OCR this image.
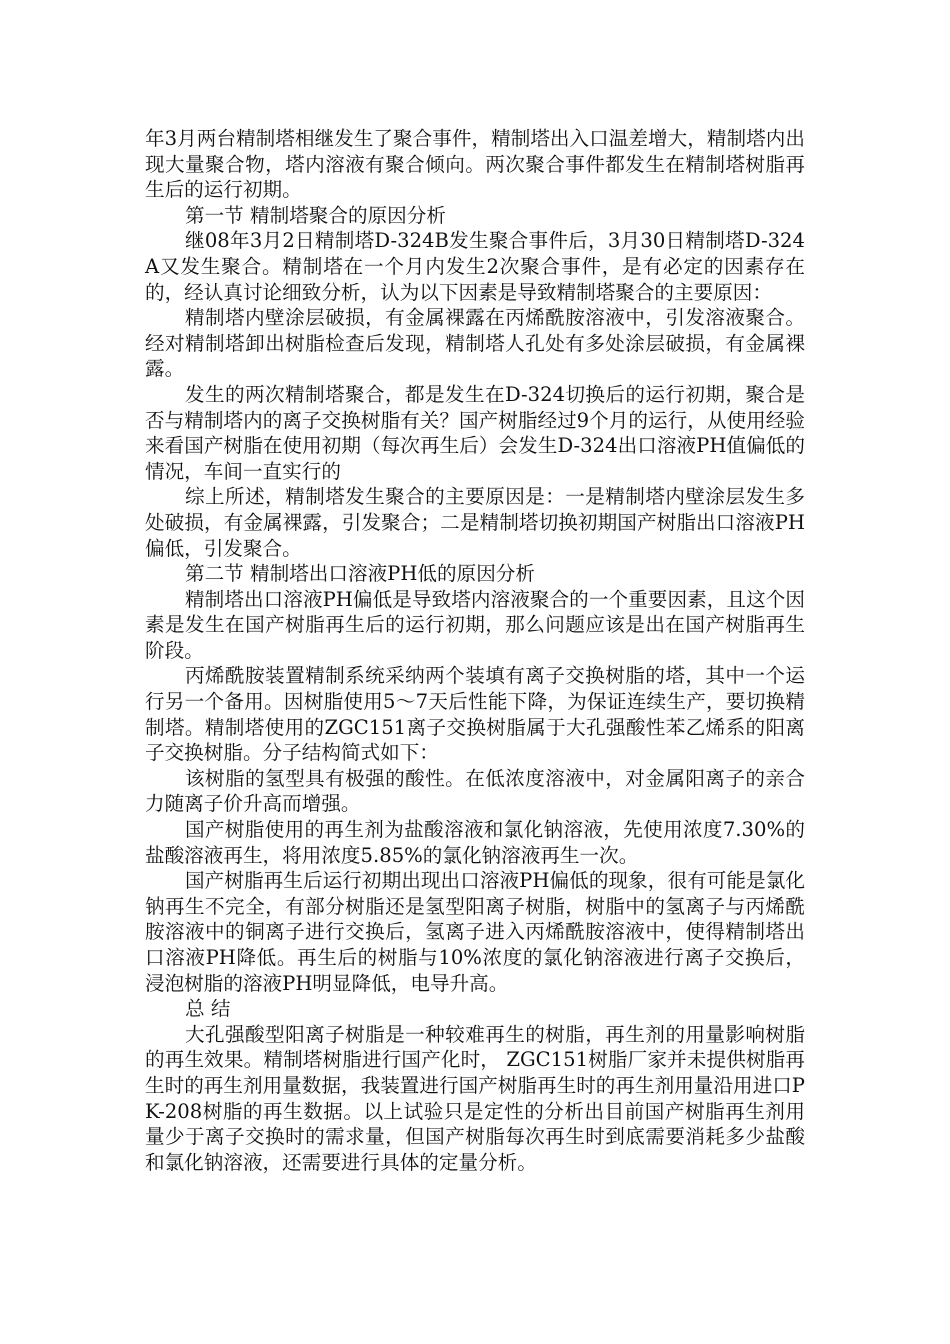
年3月两台精制塔相继发生了聚合事件，精制塔出入口温差增大，精制塔内出现大量聚合物，塔内溶液有聚合倾向。两次聚合事件都发生在精制塔树脂再生后的运行初期。

第一节 精制塔聚合的原因分析

继08年3月2日精制塔D-324B发生聚合事件后，3月30日精制塔D-324A又发生聚合。精制塔在一个月内发生2次聚合事件，是有必定的因素存在的，经认真讨论细致分析，认为以下因素是导致精制塔聚合的主要原因：

精制塔内壁涂层破损，有金属裸露在丙烯酰胺溶液中，引发溶液聚合。经对精制塔卸出树脂检查后发现，精制塔人孔处有多处涂层破损，有金属裸露。

发生的两次精制塔聚合，都是发生在D-324切换后的运行初期，聚合是否与精制塔内的离子交换树脂有关？国产树脂经过9个月的运行，从使用经验来看国产树脂在使用初期（每次再生后）会发生D-324出口溶液PH值偏低的情况，车间一直实行的

综上所述，精制塔发生聚合的主要原因是：一是精制塔内壁涂层发生多处破损，有金属裸露，引发聚合；二是精制塔切换初期国产树脂出口溶液PH偏低，引发聚合。

第二节 精制塔出口溶液PH低的原因分析

精制塔出口溶液PH偏低是导致塔内溶液聚合的一个重要因素，且这个因素是发生在国产树脂再生后的运行初期，那么问题应该是出在国产树脂再生阶段。

丙烯酰胺装置精制系统采纳两个装填有离子交换树脂的塔，其中一个运行另一个备用。因树脂使用5～7天后性能下降，为保证连续生产，要切换精制塔。精制塔使用的ZGC151离子交换树脂属于大孔强酸性苯乙烯系的阳离子交换树脂。分子结构简式如下：

该树脂的氢型具有极强的酸性。在低浓度溶液中，对金属阳离子的亲合力随离子价升高而增强。

国产树脂使用的再生剂为盐酸溶液和氯化钠溶液，先使用浓度7.30%的盐酸溶液再生，将用浓度5.85%的氯化钠溶液再生一次。

国产树脂再生后运行初期出现出口溶液PH偏低的现象，很有可能是氯化钠再生不完全，有部分树脂还是氢型阳离子树脂，树脂中的氢离子与丙烯酰胺溶液中的铜离子进行交换后，氢离子进入丙烯酰胺溶液中，使得精制塔出口溶液PH降低。再生后的树脂与10%浓度的氯化钠溶液进行离子交换后，浸泡树脂的溶液PH明显降低，电导升高。

总 结

大孔强酸型阳离子树脂是一种较难再生的树脂，再生剂的用量影响树脂的再生效果。精制塔树脂进行国产化时， ZGC151树脂厂家并未提供树脂再生时的再生剂用量数据，我装置进行国产树脂再生时的再生剂用量沿用进口PK-208树脂的再生数据。以上试验只是定性的分析出目前国产树脂再生剂用量少于离子交换时的需求量，但国产树脂每次再生时到底需要消耗多少盐酸和氯化钠溶液，还需要进行具体的定量分析。
